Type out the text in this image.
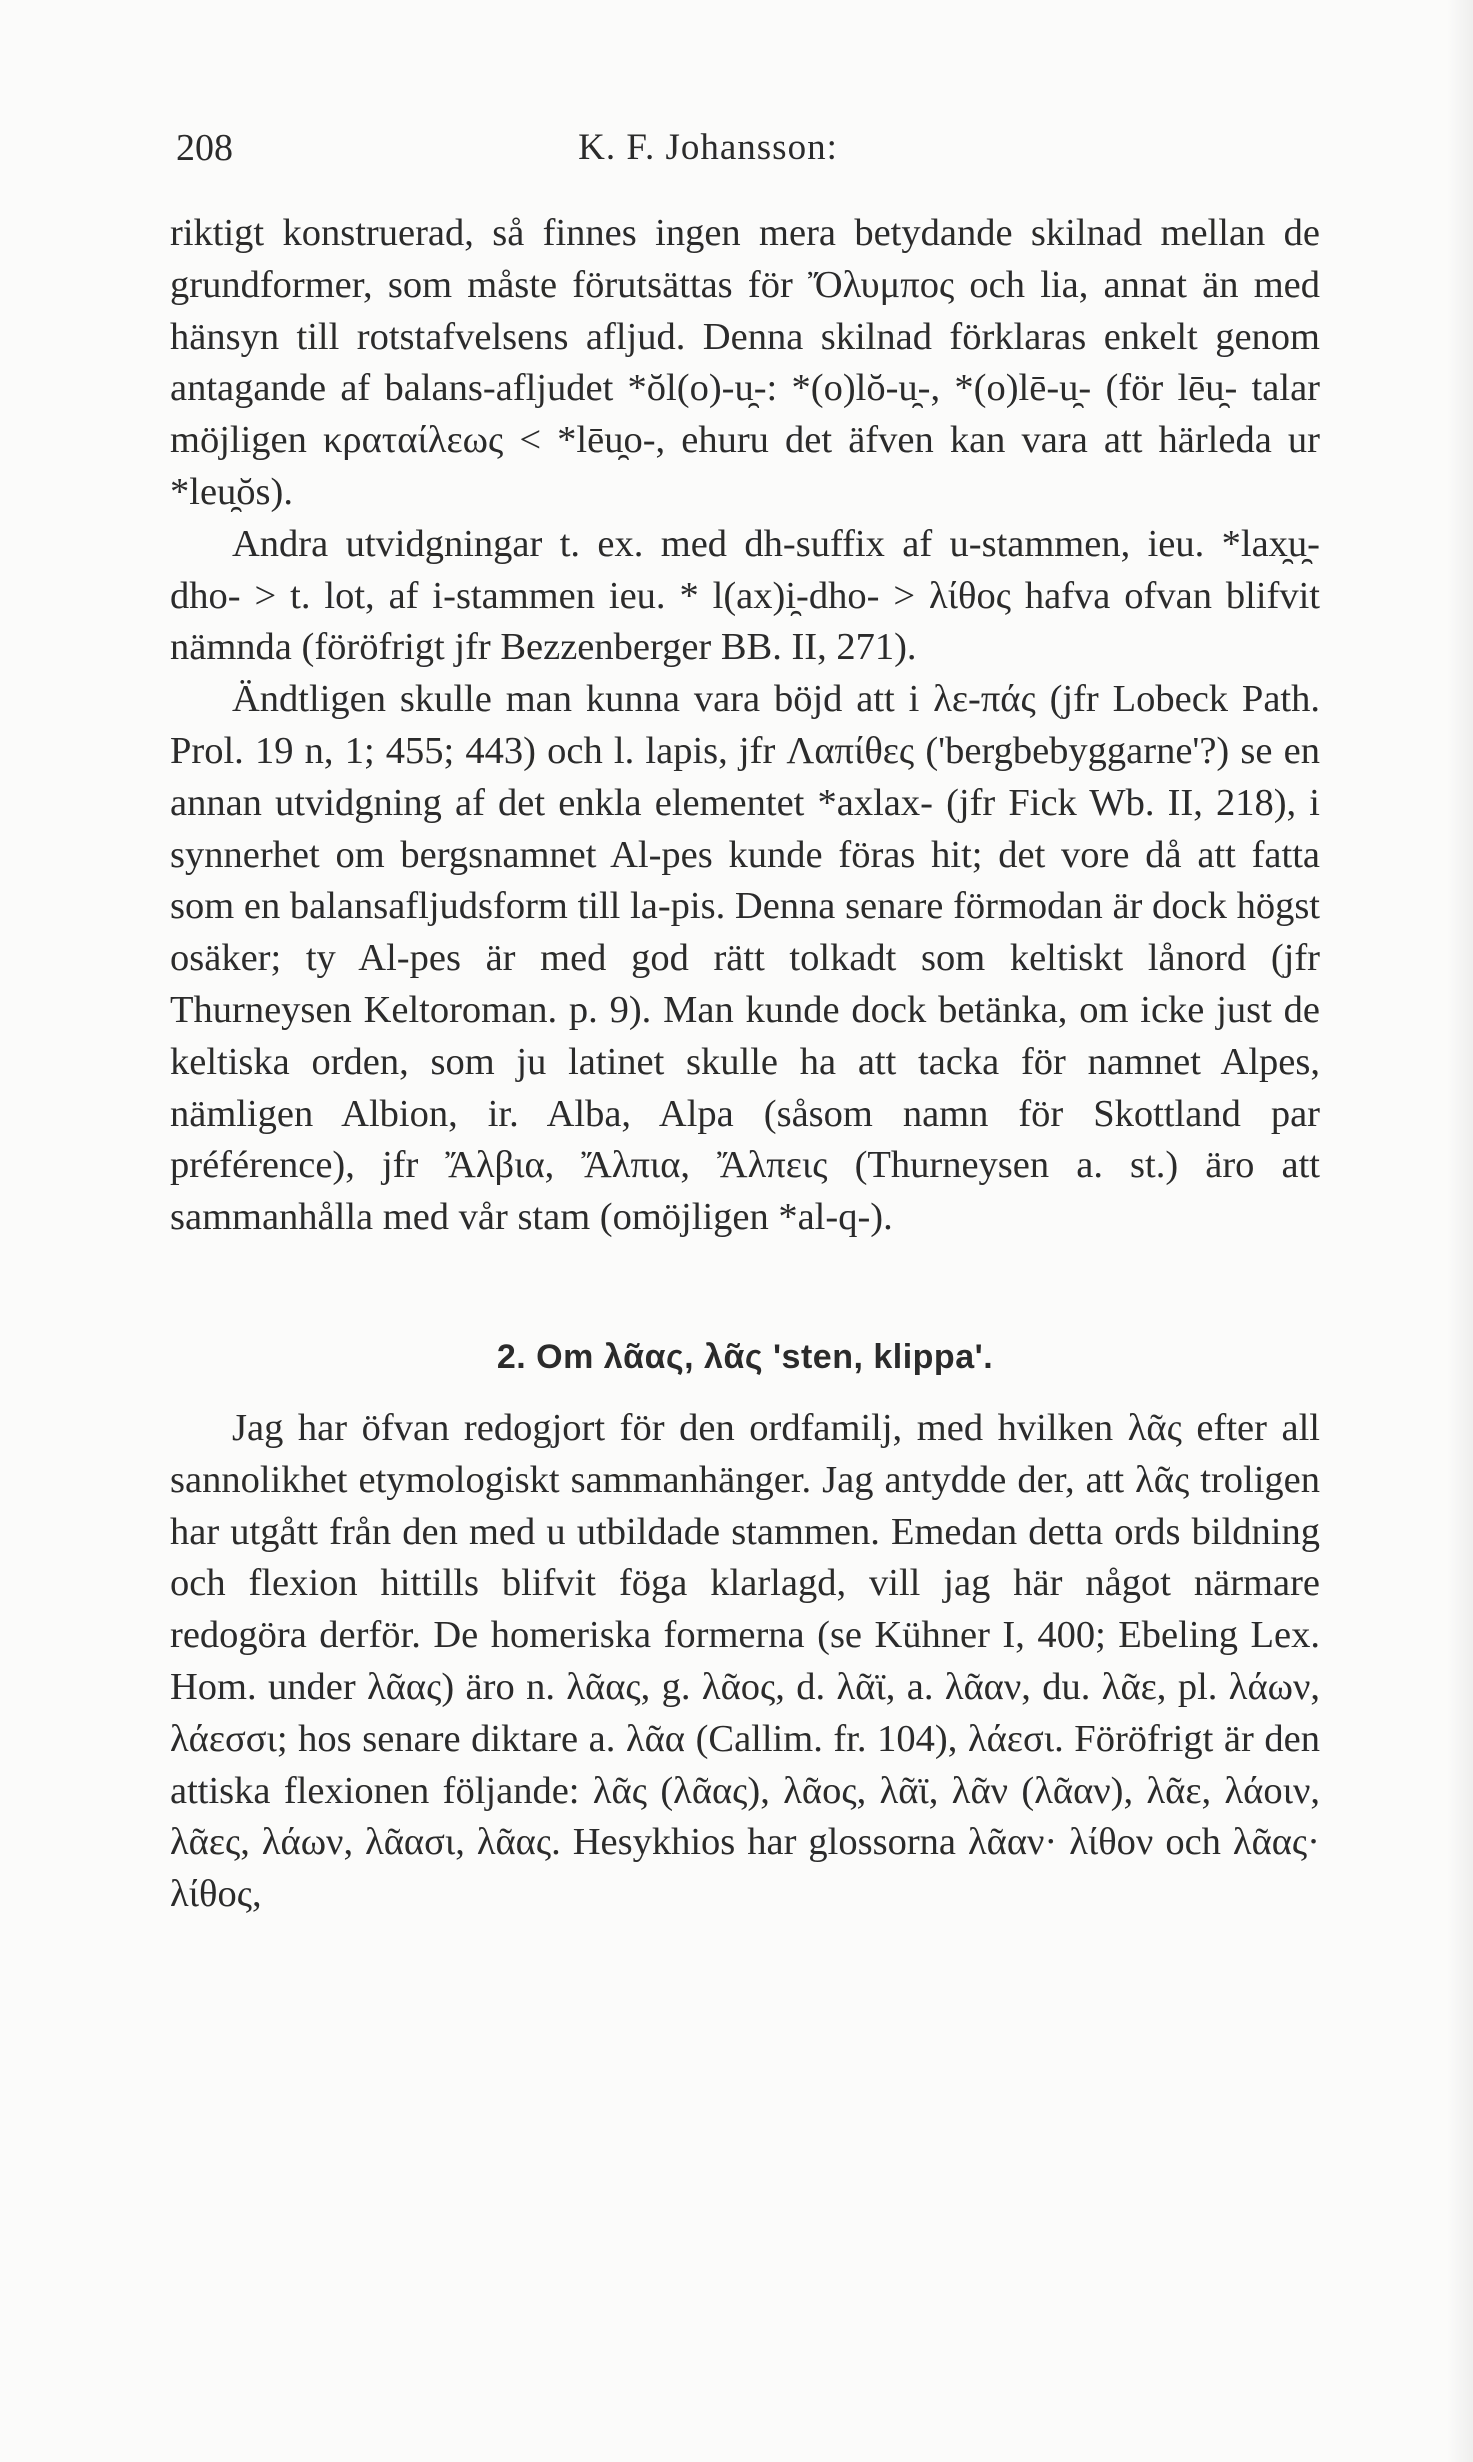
208	K. F. Johansson:

riktigt konstruerad, så finnes ingen mera betydande skilnad mellan de grundformer, som måste förutsättas för Ὄλυμπος och lia, annat än med hänsyn till rotstafvelsens afljud. Denna skilnad förklaras enkelt genom antagande af balans-afljudet *ŏl(o)-u̯-: *(o)lŏ-u̯-, *(o)lē-u̯- (för lēu̯- talar möjligen κραταίλεως < *lēu̯o-, ehuru det äfven kan vara att härleda ur *leu̯ŏs).

Andra utvidgningar t. ex. med dh-suffix af u-stammen, ieu. *lax̯u̯-dho- > t. lot, af i-stammen ieu. * l(ax)i̯-dho- > λίθος hafva ofvan blifvit nämnda (föröfrigt jfr Bezzenberger BB. II, 271).

Ändtligen skulle man kunna vara böjd att i λε-πάς (jfr Lobeck Path. Prol. 19 n, 1; 455; 443) och l. lapis, jfr Λαπίθες ('bergbebyggarne'?) se en annan utvidgning af det enkla elementet *axlax- (jfr Fick Wb. II, 218), i synnerhet om bergsnamnet Al-pes kunde föras hit; det vore då att fatta som en balansafljudsform till la-pis. Denna senare förmodan är dock högst osäker; ty Al-pes är med god rätt tolkadt som keltiskt lånord (jfr Thurneysen Keltoroman. p. 9). Man kunde dock betänka, om icke just de keltiska orden, som ju latinet skulle ha att tacka för namnet Alpes, nämligen Albion, ir. Alba, Alpa (såsom namn för Skottland par préférence), jfr Ἄλβια, Ἄλπια, Ἄλπεις (Thurneysen a. st.) äro att sammanhålla med vår stam (omöjligen *al-q-).

2. Om λᾶας, λᾶς 'sten, klippa'.

Jag har öfvan redogjort för den ordfamilj, med hvilken λᾶς efter all sannolikhet etymologiskt sammanhänger. Jag antydde der, att λᾶς troligen har utgått från den med u utbildade stammen. Emedan detta ords bildning och flexion hittills blifvit föga klarlagd, vill jag här något närmare redogöra derför. De homeriska formerna (se Kühner I, 400; Ebeling Lex. Hom. under λᾶας) äro n. λᾶας, g. λᾶος, d. λᾶϊ, a. λᾶαν, du. λᾶε, pl. λάων, λάεσσι; hos senare diktare a. λᾶα (Callim. fr. 104), λάεσι. Föröfrigt är den attiska flexionen följande: λᾶς (λᾶας), λᾶος, λᾶϊ, λᾶν (λᾶαν), λᾶε, λάοιν, λᾶες, λάων, λᾶασι, λᾶας. Hesykhios har glossorna λᾶαν· λίθον och λᾶας· λίθος,
